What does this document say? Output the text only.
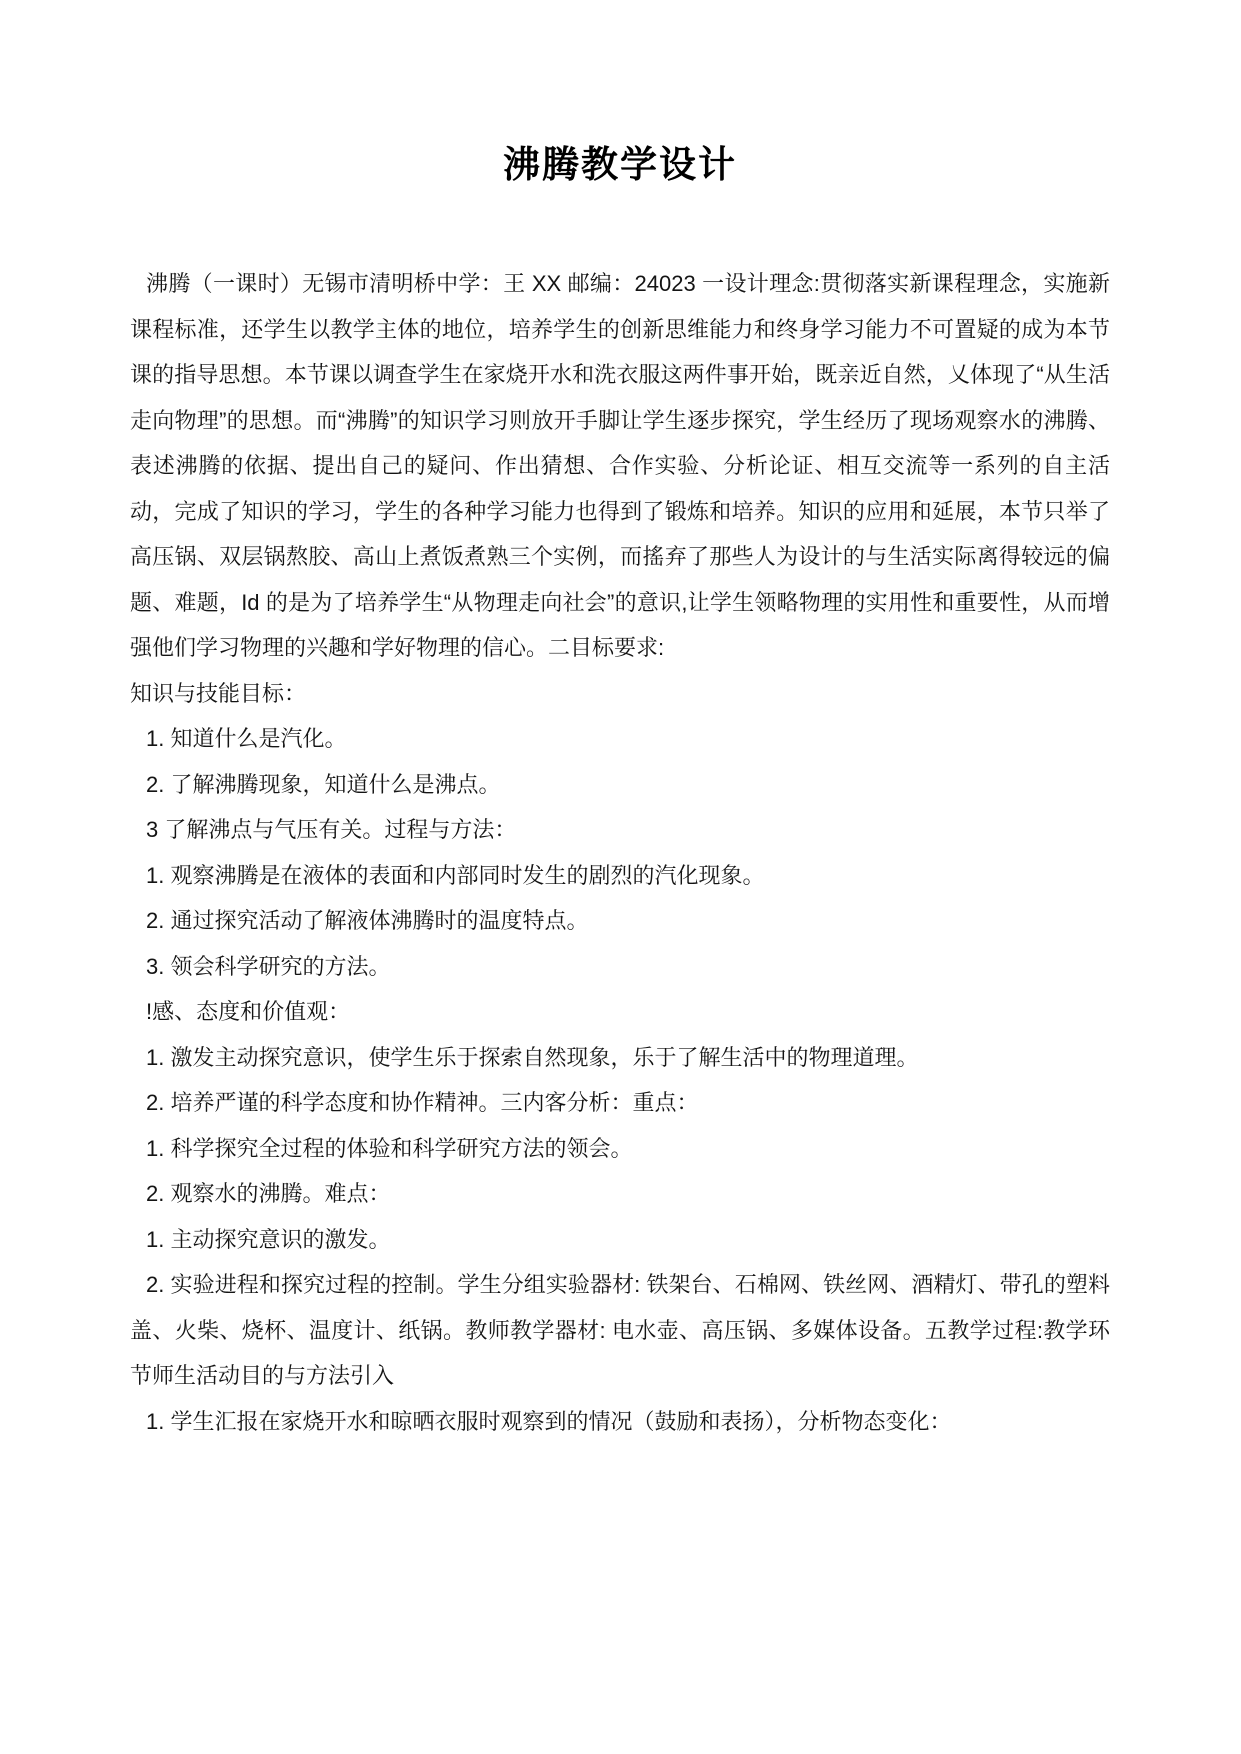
沸腾教学设计

沸腾（一课时）无锡市清明桥中学：王 XX 邮编：24023 一设计理念:贯彻落实新课程理念，实施新课程标准，还学生以教学主体的地位，培养学生的创新思维能力和终身学习能力不可置疑的成为本节课的指导思想。本节课以调查学生在家烧开水和洗衣服这两件事开始，既亲近自然，乂体现了“从生活走向物理”的思想。而“沸腾”的知识学习则放开手脚让学生逐步探究，学生经历了现场观察水的沸腾、表述沸腾的依据、提出自己的疑问、作出猜想、合作实验、分析论证、相互交流等一系列的自主活动，完成了知识的学习，学生的各种学习能力也得到了锻炼和培养。知识的应用和延展，本节只举了高压锅、双层锅熬胶、高山上煮饭煮熟三个实例，而搖弃了那些人为设计的与生活实际离得较远的偏题、难题，Id 的是为了培养学生“从物理走向社会”的意识,让学生领略物理的实用性和重要性，从而增强他们学习物理的兴趣和学好物理的信心。二目标要求:

知识与技能目标：

1. 知道什么是汽化。

2. 了解沸腾现象，知道什么是沸点。

3 了解沸点与气压有关。过程与方法：

1. 观察沸腾是在液体的表面和内部同时发生的剧烈的汽化现象。

2. 通过探究活动了解液体沸腾时的温度特点。

3. 领会科学研究的方法。

!感、态度和价值观：

1. 激发主动探究意识，使学生乐于探索自然现象，乐于了解生活中的物理道理。

2. 培养严谨的科学态度和协作精神。三内客分析：重点：

1. 科学探究全过程的体验和科学研究方法的领会。

2. 观察水的沸腾。难点：

1. 主动探究意识的激发。

2. 实验进程和探究过程的控制。学生分组实验器材: 铁架台、石棉网、铁丝网、酒精灯、带孔的塑料盖、火柴、烧杯、温度计、纸锅。教师教学器材: 电水壶、高压锅、多媒体设备。五教学过程:教学环节师生活动目的与方法引入

1. 学生汇报在家烧开水和晾晒衣服时观察到的情况（鼓励和表扬），分析物态变化：
